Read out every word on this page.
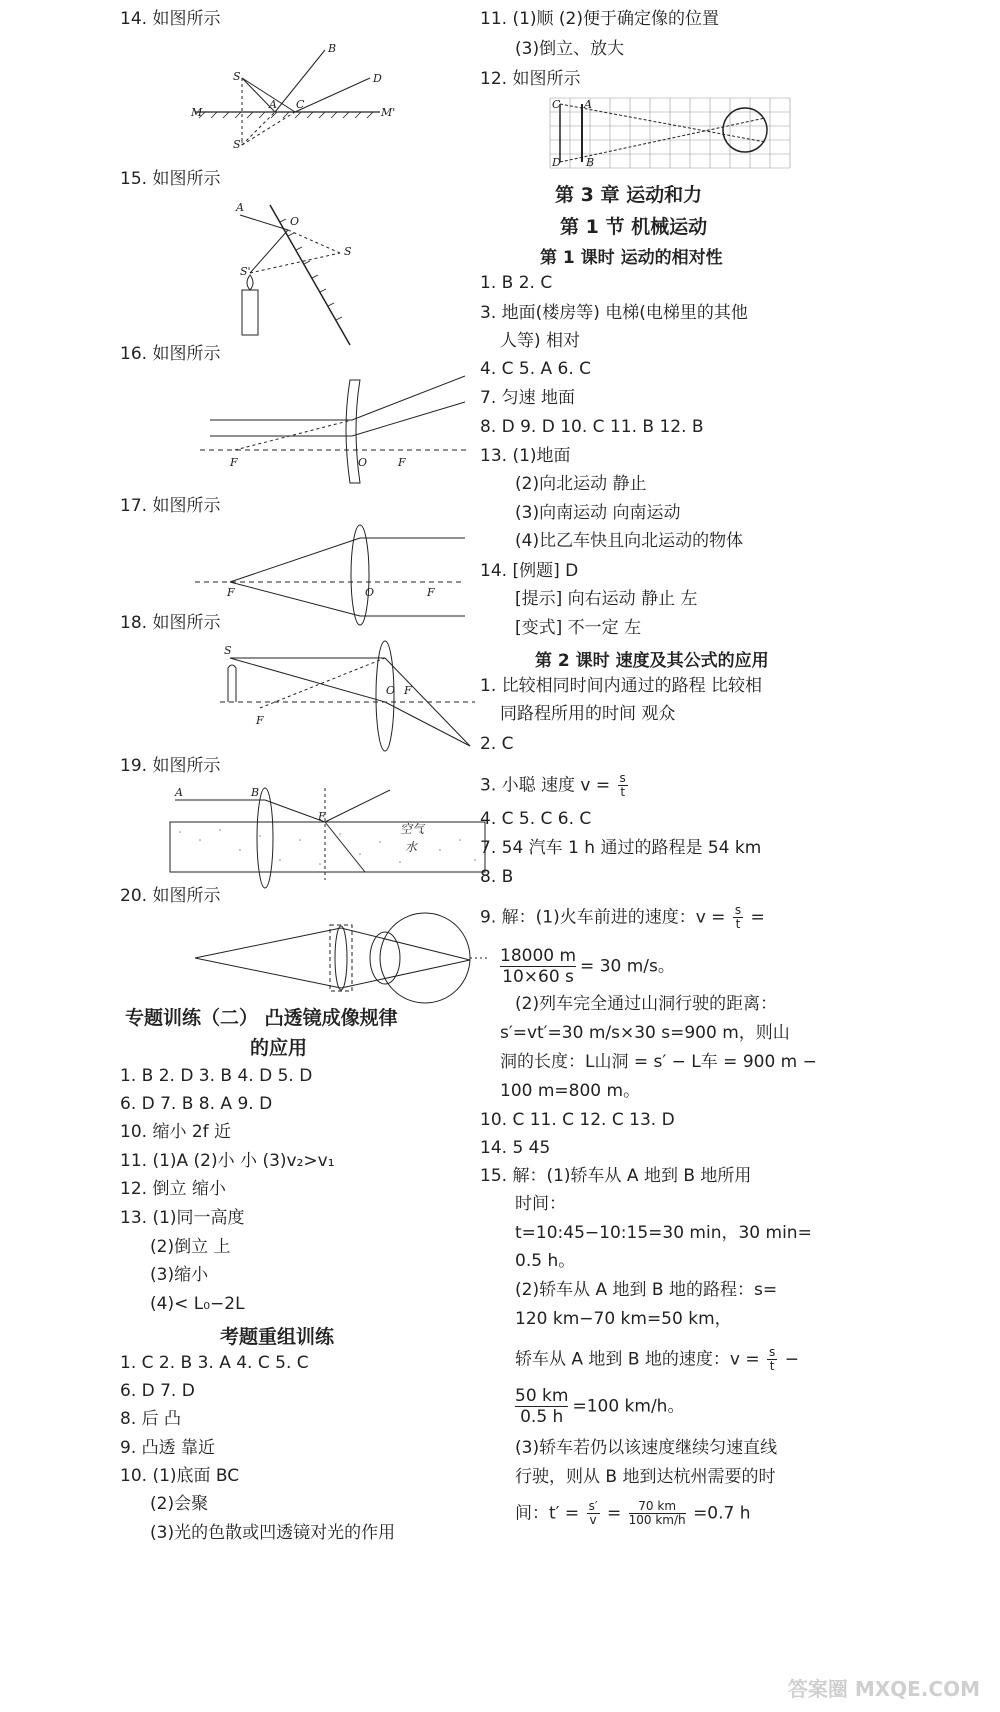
14. 如图所示
S
B
D
M	M'
A C
S'
15. 如图所示
A
O
S
S'
16. 如图所示
F	O	F
17. 如图所示
F	O	F
18. 如图所示
S
O F
F
19. 如图所示
A	B
F
空气
水
20. 如图所示
专题训练（二） 凸透镜成像规律
的应用
1. B 2. D 3. B 4. D 5. D
6. D 7. B 8. A 9. D
10. 缩小 2f 近
11. (1)A (2)小 小 (3)v₂>v₁
12. 倒立 缩小
13. (1)同一高度
(2)倒立 上
(3)缩小
(4)< L₀−2L
考题重组训练
1. C 2. B 3. A 4. C 5. C
6. D 7. D
8. 后 凸
9. 凸透 靠近
10. (1)底面 BC
(2)会聚
(3)光的色散或凹透镜对光的作用
11. (1)顺 (2)便于确定像的位置
(3)倒立、放大
12. 如图所示
C A
D B
第 3 章 运动和力
第 1 节 机械运动
第 1 课时 运动的相对性
1. B 2. C
3. 地面(楼房等) 电梯(电梯里的其他
人等) 相对
4. C 5. A 6. C
7. 匀速 地面
8. D 9. D 10. C 11. B 12. B
13. (1)地面
(2)向北运动 静止
(3)向南运动 向南运动
(4)比乙车快且向北运动的物体
14. [例题] D
[提示] 向右运动 静止 左
[变式] 不一定 左
第 2 课时 速度及其公式的应用
1. 比较相同时间内通过的路程 比较相
同路程所用的时间 观众
2. C
3. 小聪 速度 $v = \frac{s}{t}$
4. C 5. C 6. C
7. 54 汽车 1 h 通过的路程是 54 km
8. B
9. 解：(1)火车前进的速度：$v = \frac{s}{t}$ =
$\frac{18000 m}{10\times 60 s} = 30$ m/s。
(2)列车完全通过山洞行驶的距离：
s′=vt′=30 m/s×30 s=900 m，则山
洞的长度：L山洞 = s′ − L车 = 900 m −
100 m=800 m。
10. C 11. C 12. C 13. D
14. 5 45
15. 解：(1)轿车从 A 地到 B 地所用
时间：
t=10:45−10:15=30 min，30 min=
0.5 h。
(2)轿车从 A 地到 B 地的路程：s=
120 km−70 km=50 km，
轿车从 A 地到 B 地的速度：$v = \frac{s}{t}$ −
$\frac{50 km}{0.5 h} =100$ km/h。
(3)轿车若仍以该速度继续匀速直线
行驶，则从 B 地到达杭州需要的时
间：$t' = \frac{s'}{v} = \frac{70 km}{100 km/h} =0.7$ h
答案圈 MXQE.COM
